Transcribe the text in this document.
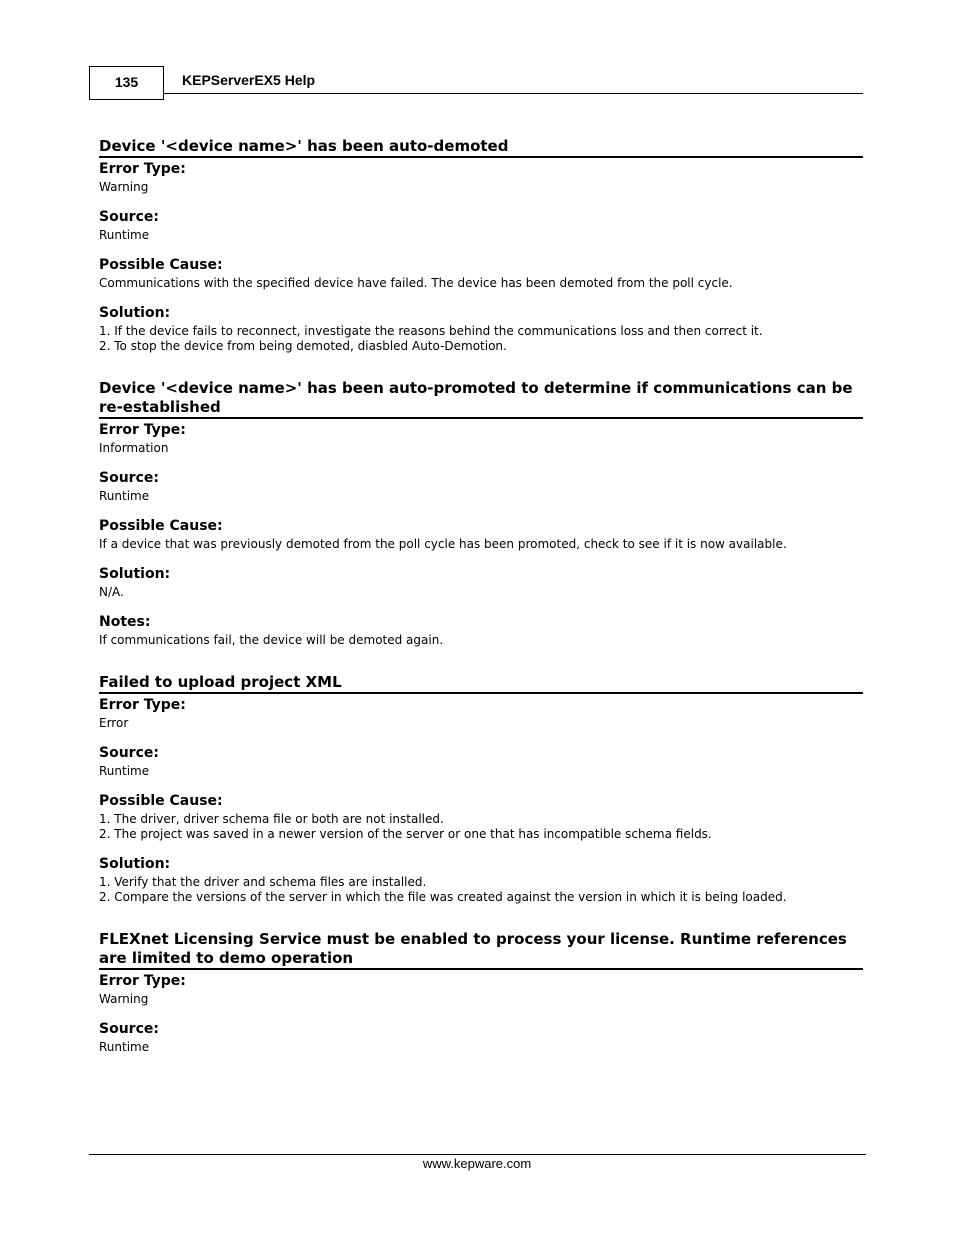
135	KEPServerEX5 Help
Device '<device name>' has been auto-demoted
Error Type:
Warning
Source:
Runtime
Possible Cause:
Communications with the specified device have failed. The device has been demoted from the poll cycle.
Solution:
1. If the device fails to reconnect, investigate the reasons behind the communications loss and then correct it.
2. To stop the device from being demoted, diasbled Auto-Demotion.
Device '<device name>' has been auto-promoted to determine if communications can be re-established
Error Type:
Information
Source:
Runtime
Possible Cause:
If a device that was previously demoted from the poll cycle has been promoted, check to see if it is now available.
Solution:
N/A.
Notes:
If communications fail, the device will be demoted again.
Failed to upload project XML
Error Type:
Error
Source:
Runtime
Possible Cause:
1. The driver, driver schema file or both are not installed.
2. The project was saved in a newer version of the server or one that has incompatible schema fields.
Solution:
1. Verify that the driver and schema files are installed.
2. Compare the versions of the server in which the file was created against the version in which it is being loaded.
FLEXnet Licensing Service must be enabled to process your license. Runtime references are limited to demo operation
Error Type:
Warning
Source:
Runtime
www.kepware.com
